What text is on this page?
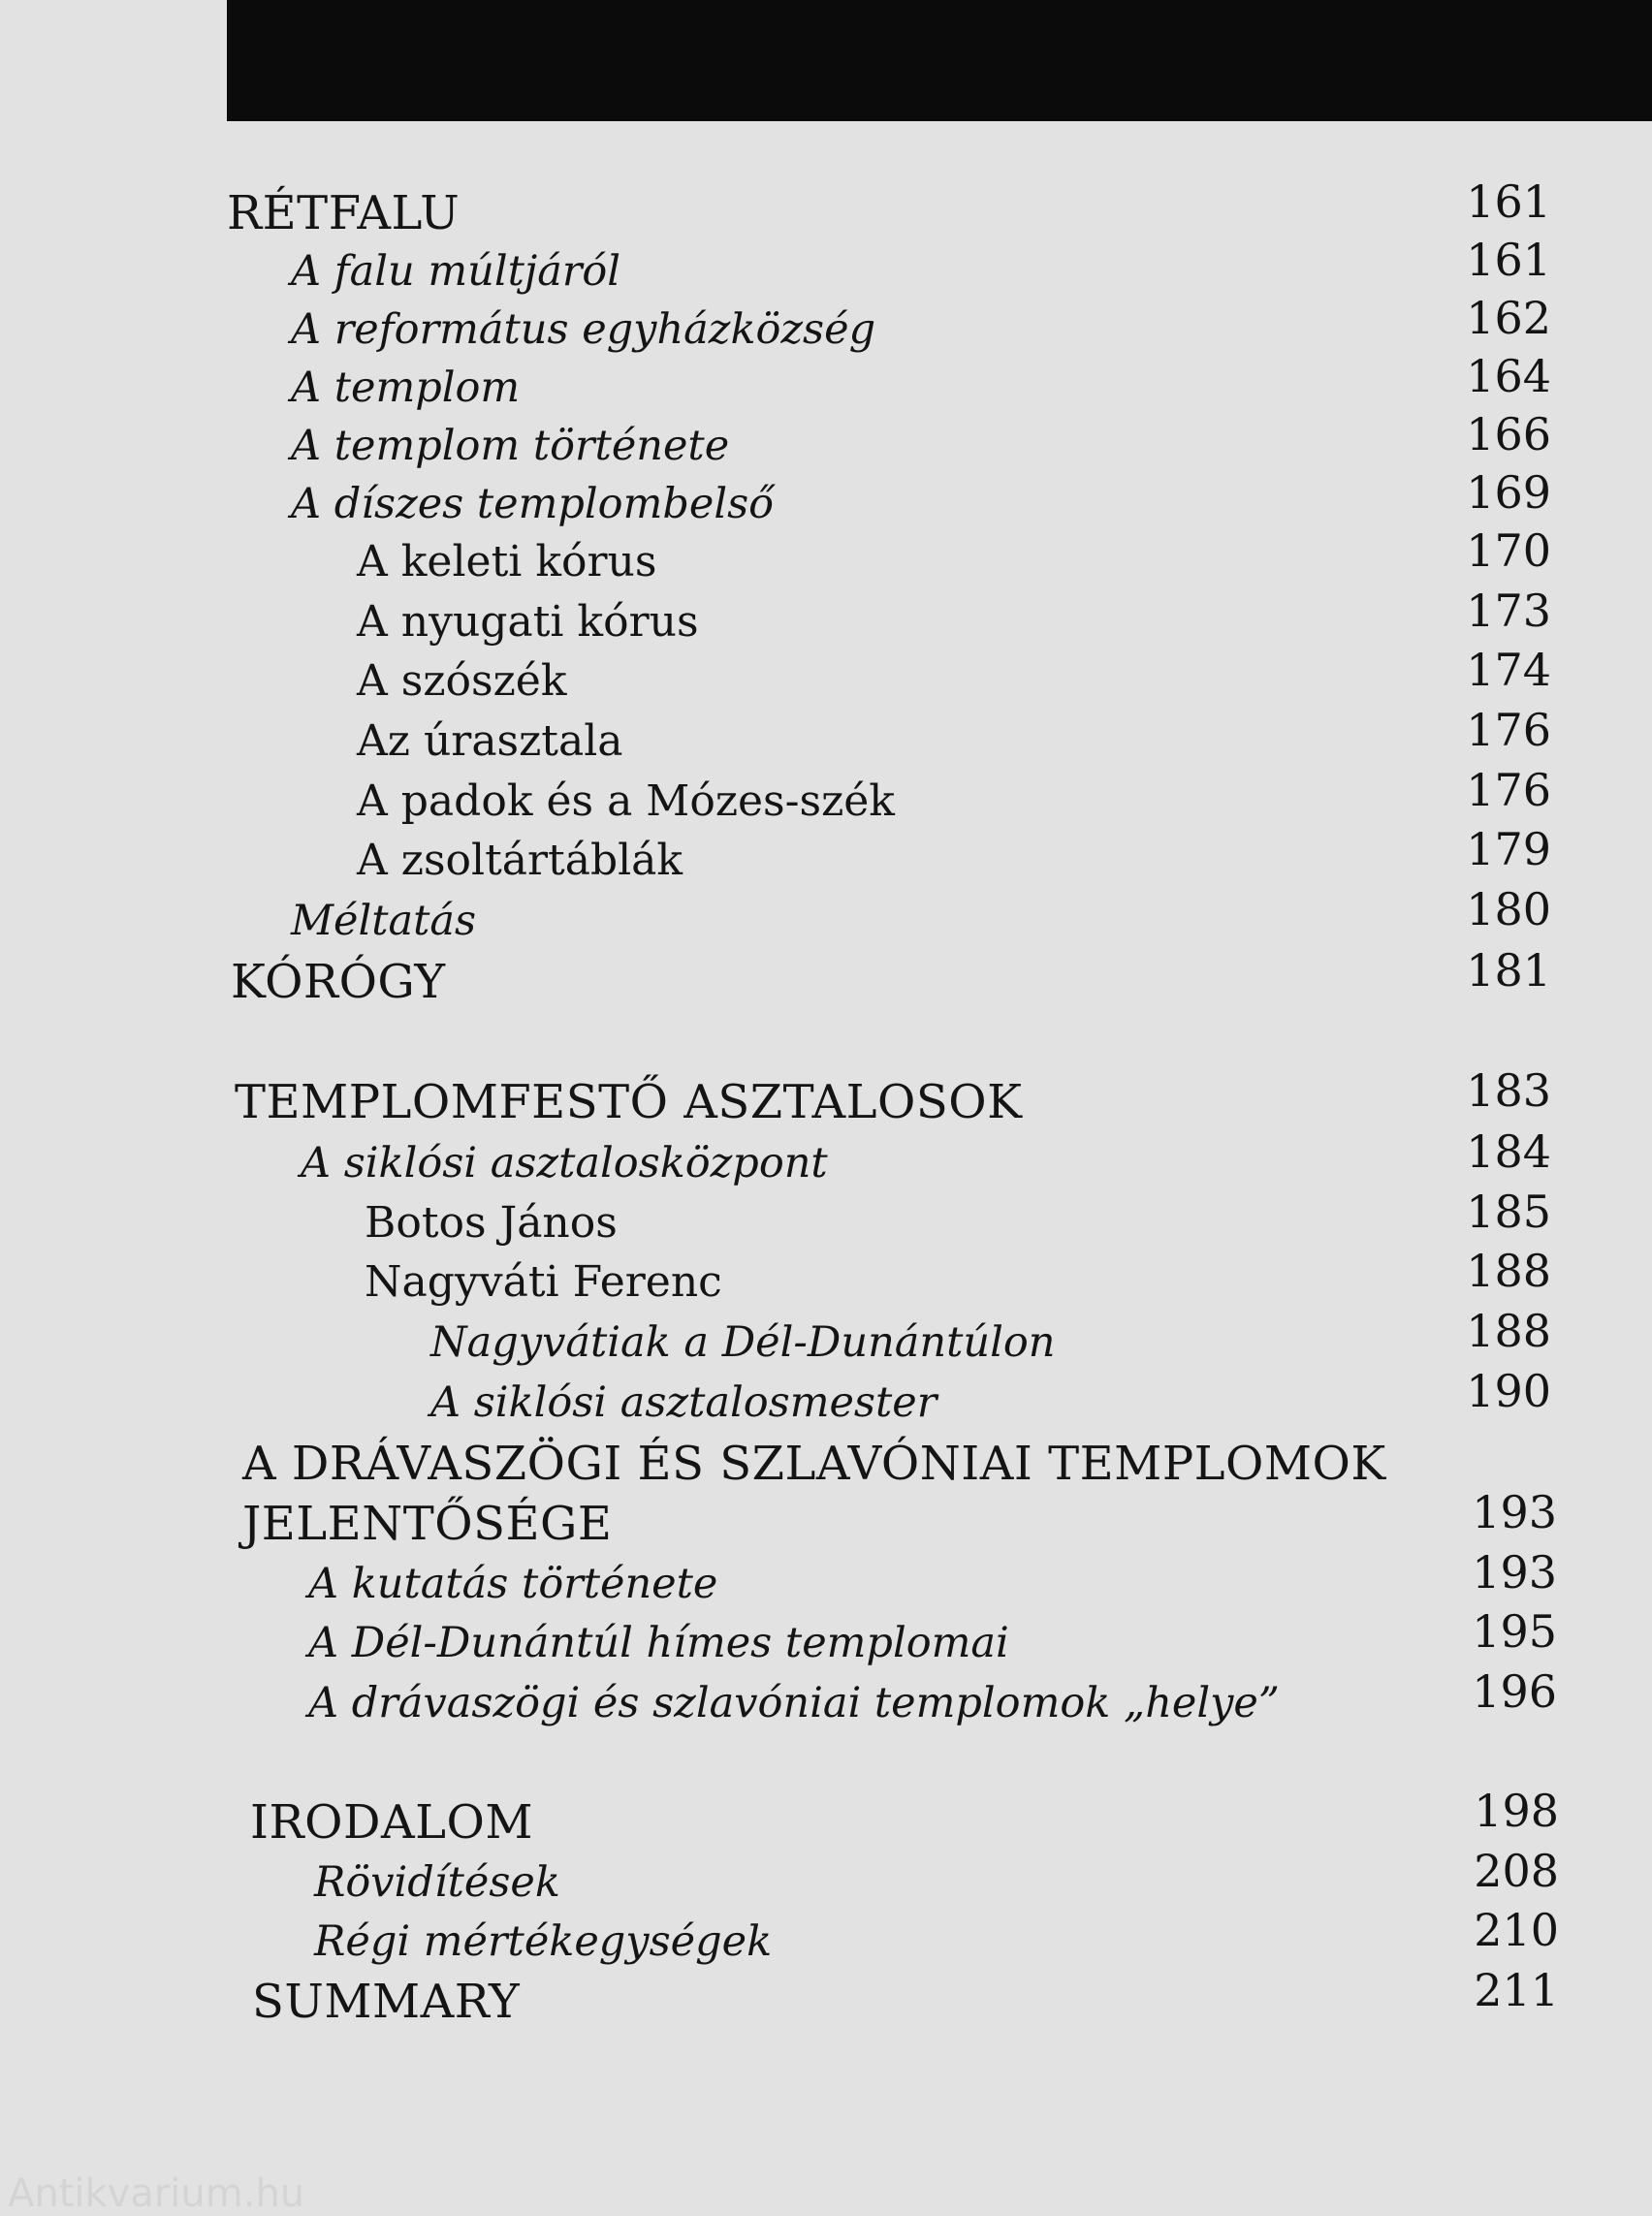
RÉTFALU	161
A falu múltjáról	161
A református egyházközség	162
A templom	164
A templom története	166
A díszes templombelső	169
A keleti kórus	170
A nyugati kórus	173
A szószék	174
Az úrasztala	176
A padok és a Mózes-szék	176
A zsoltártáblák	179
Méltatás	180
KÓRÓGY	181
TEMPLOMFESTŐ ASZTALOSOK	183
A siklósi asztalosközpont	184
Botos János	185
Nagyváti Ferenc	188
Nagyvátiak a Dél-Dunántúlon	188
A siklósi asztalosmester	190
A DRÁVASZÖGI ÉS SZLAVÓNIAI TEMPLOMOK
JELENTŐSÉGE	193
A kutatás története	193
A Dél-Dunántúl hímes templomai	195
A drávaszögi és szlavóniai templomok „helye”	196
IRODALOM	198
Rövidítések	208
Régi mértékegységek	210
SUMMARY	211
Antikvarium.hu
